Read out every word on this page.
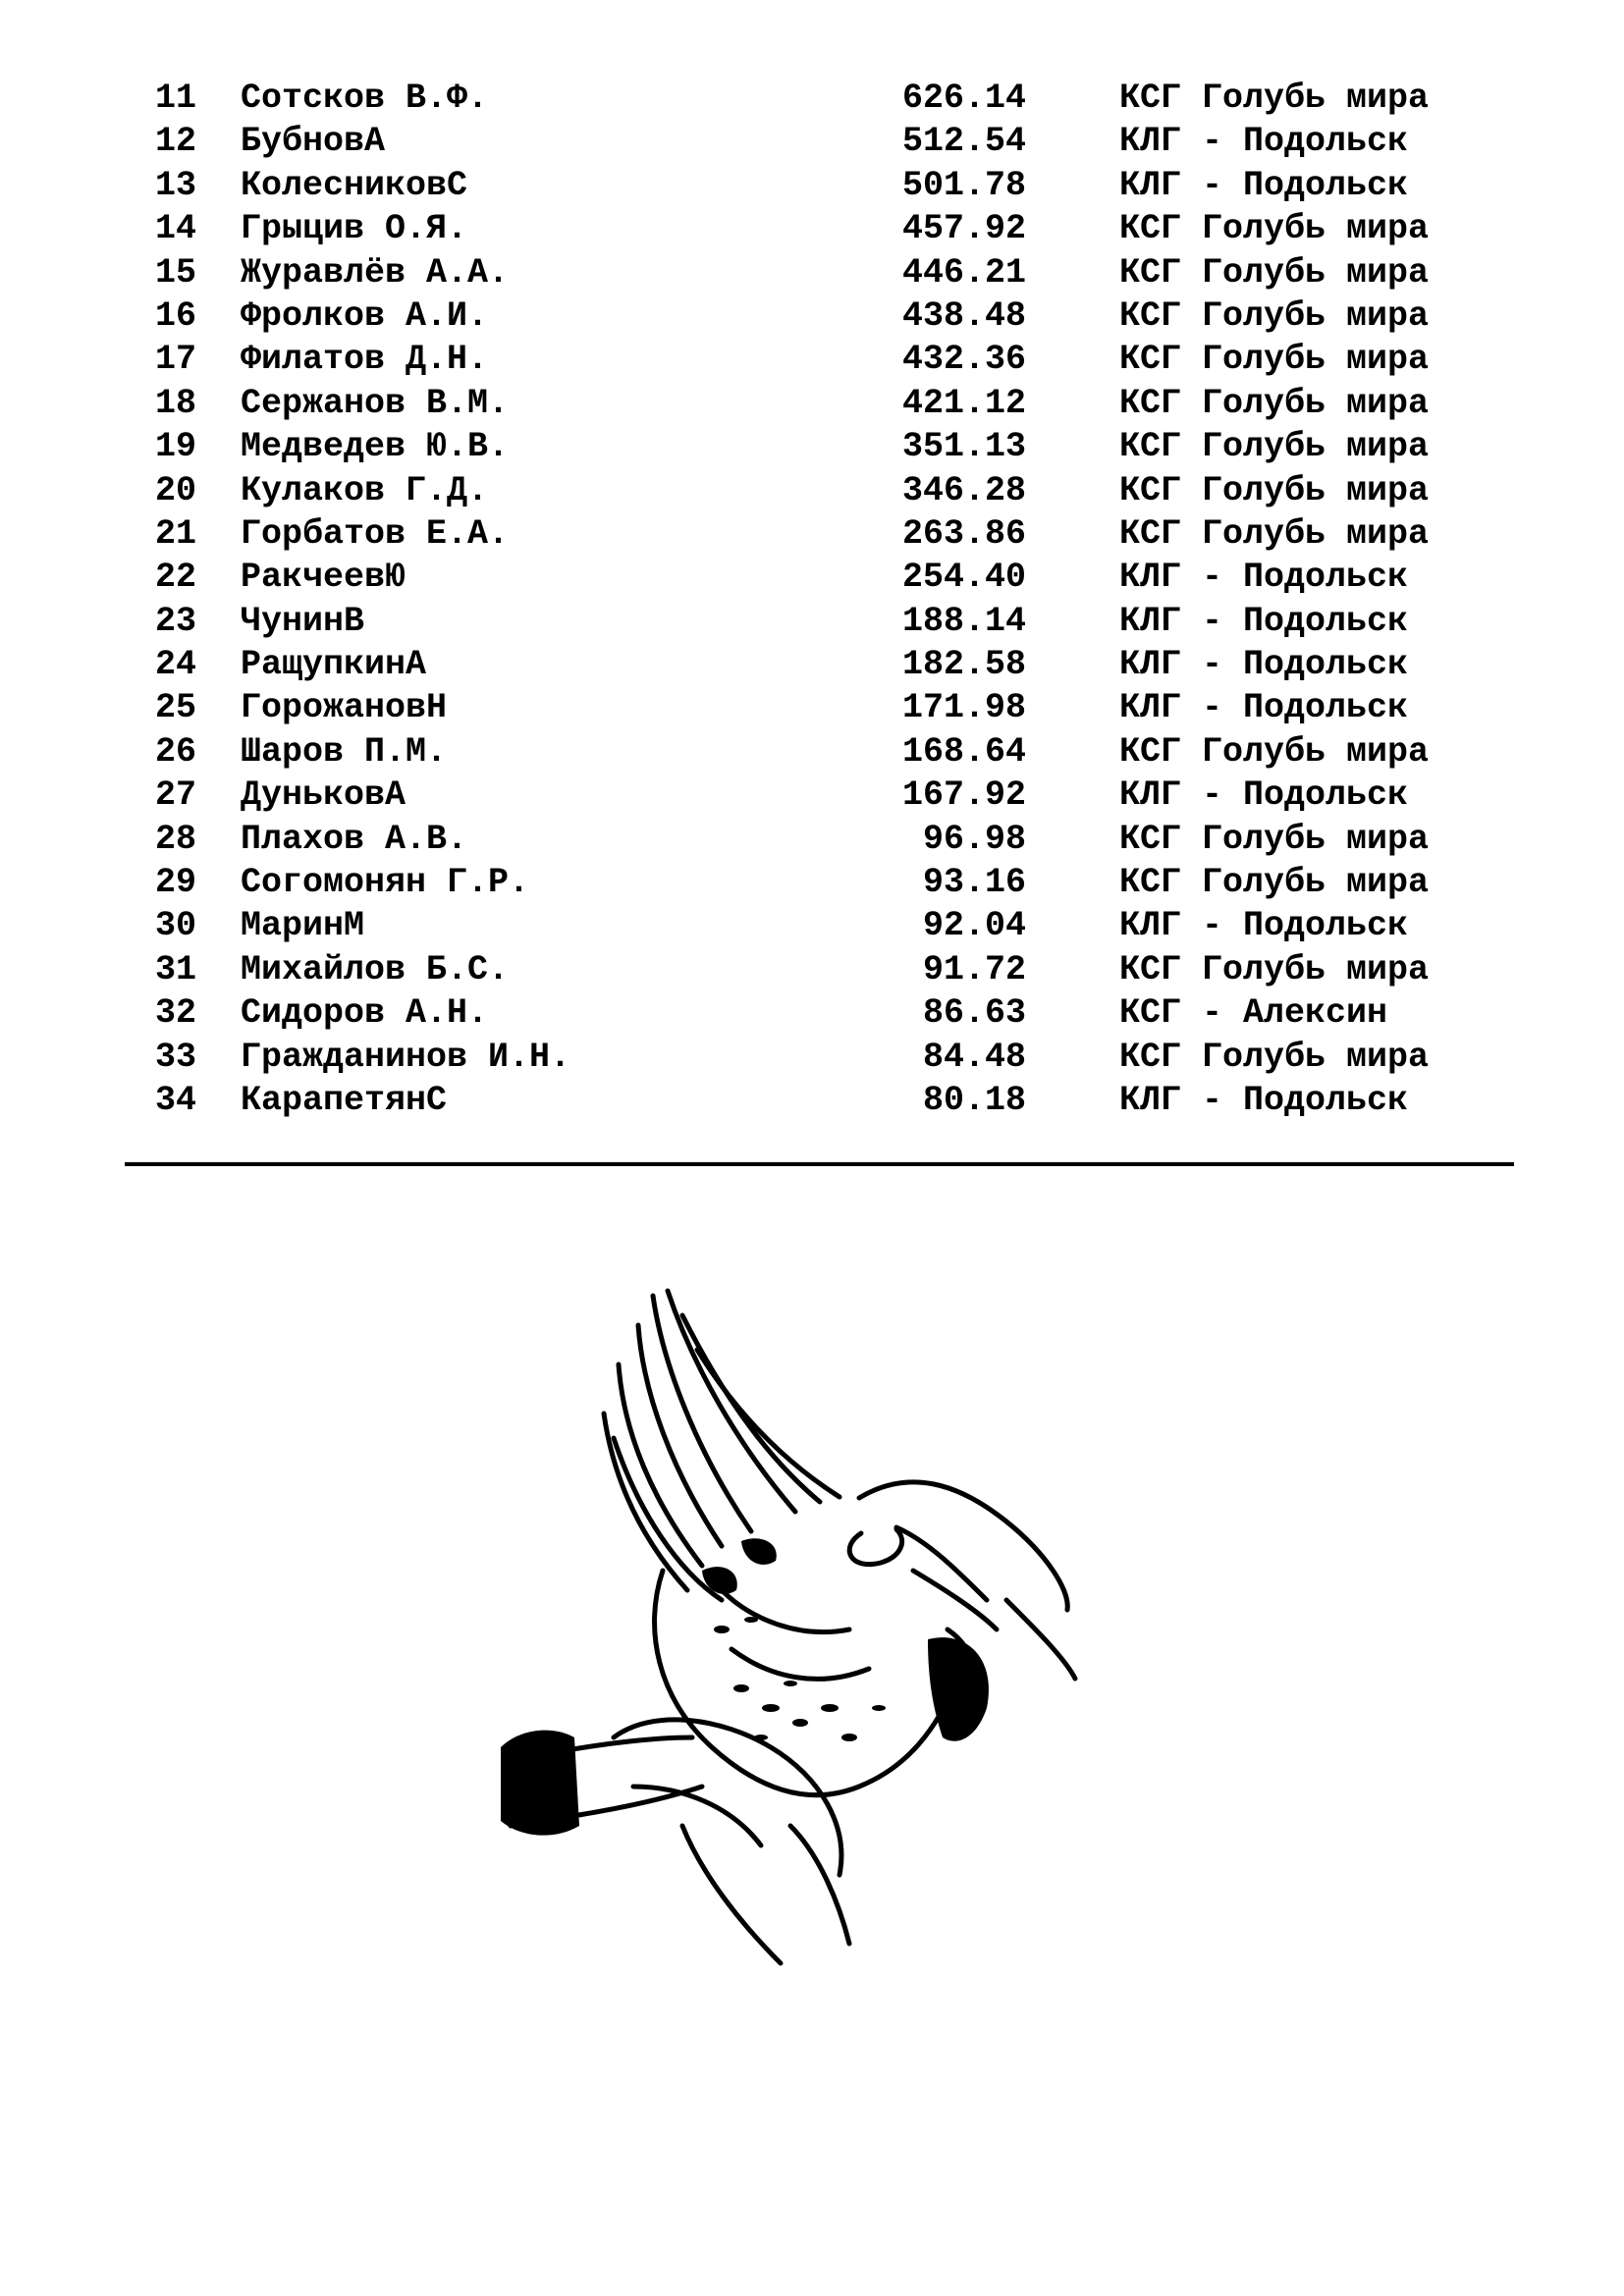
11 Сотсков В.Ф.	626.14	КСГ Голубь мира
12 БубновА	512.54	КЛГ - Подольск
13 КолесниковС	501.78	КЛГ - Подольск
14 Грыцив О.Я.	457.92	КСГ Голубь мира
15 Журавлёв А.А.	446.21	КСГ Голубь мира
16 Фролков А.И.	438.48	КСГ Голубь мира
17 Филатов Д.Н.	432.36	КСГ Голубь мира
18 Сержанов В.М.	421.12	КСГ Голубь мира
19 Медведев Ю.В.	351.13	КСГ Голубь мира
20 Кулаков Г.Д.	346.28	КСГ Голубь мира
21 Горбатов Е.А.	263.86	КСГ Голубь мира
22 РакчеевЮ	254.40	КЛГ - Подольск
23 ЧунинВ	188.14	КЛГ - Подольск
24 РащупкинА	182.58	КЛГ - Подольск
25 ГорожановН	171.98	КЛГ - Подольск
26 Шаров П.М.	168.64	КСГ Голубь мира
27 ДуньковА	167.92	КЛГ - Подольск
28 Плахов А.В.	96.98	КСГ Голубь мира
29 Согомонян Г.Р.	93.16	КСГ Голубь мира
30 МаринМ	92.04	КЛГ - Подольск
31 Михайлов Б.С.	91.72	КСГ Голубь мира
32 Сидоров А.Н.	86.63	КСГ - Алексин
33 Гражданинов И.Н.	84.48	КСГ Голубь мира
34 КарапетянС	80.18	КЛГ - Подольск
